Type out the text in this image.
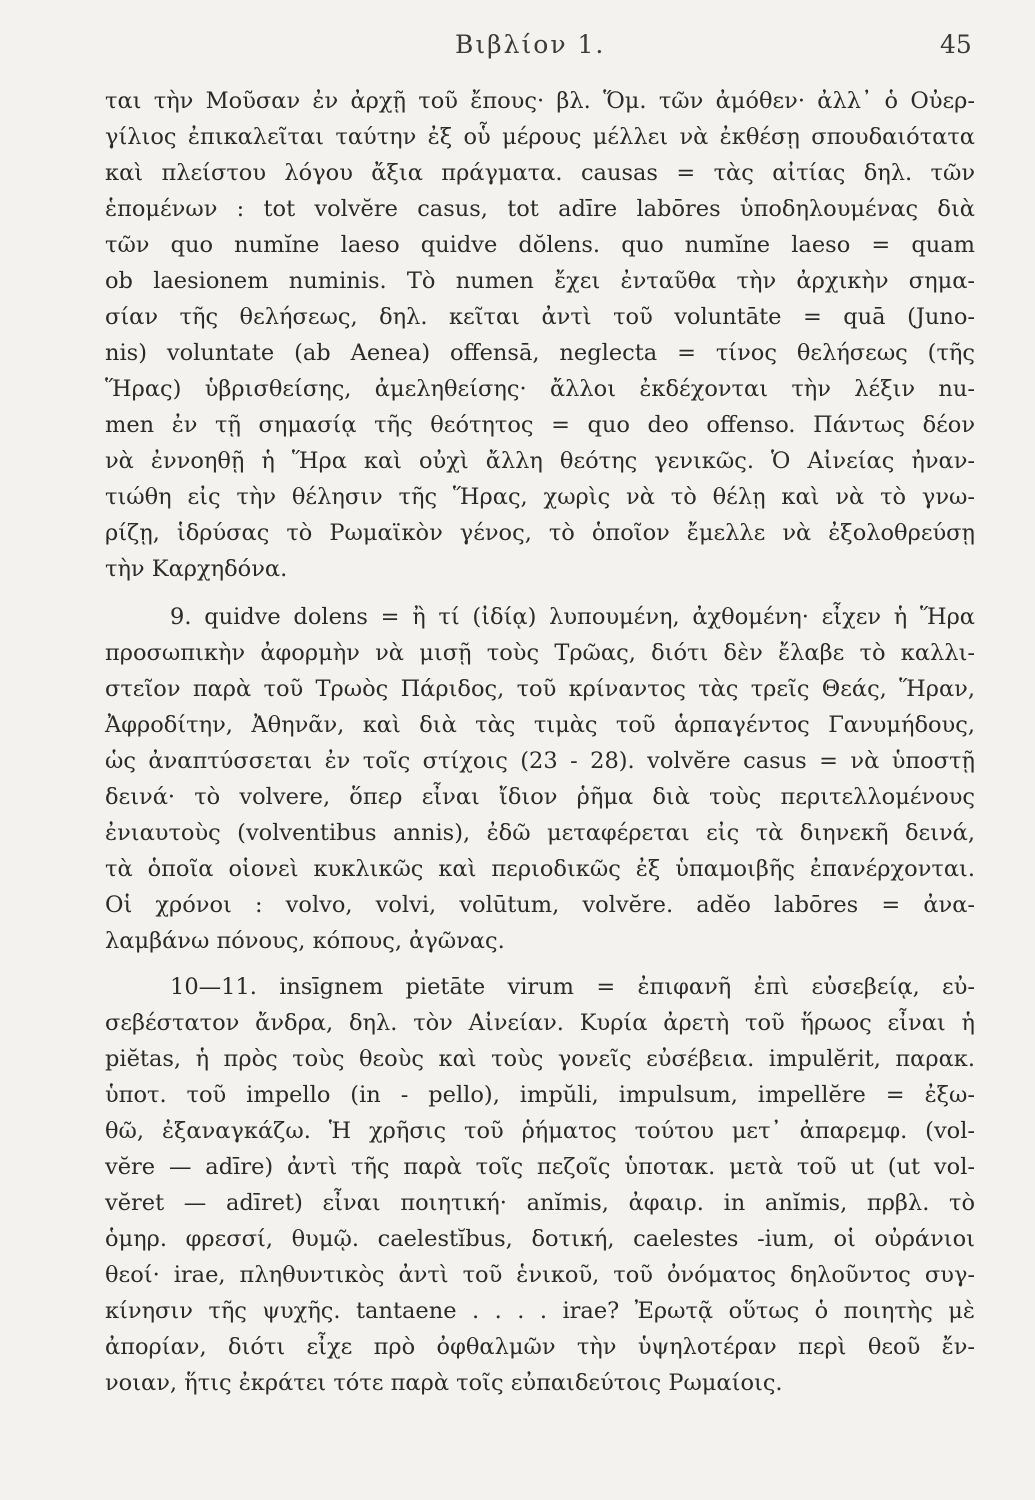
Βιβλίον 1.	45
ται τὴν Μοῦσαν ἐν ἀρχῇ τοῦ ἔπους· βλ. Ὅμ. τῶν ἀμόθεν· ἀλλ᾽ ὁ Οὐερ-
γίλιος ἐπικαλεῖται ταύτην ἐξ οὗ μέρους μέλλει νὰ ἐκθέσῃ σπουδαιότατα
καὶ πλείστου λόγου ἄξια πράγματα. causas = τὰς αἰτίας δηλ. τῶν
ἑπομένων : tot volvĕre casus, tot adīre labōres ὑποδηλουμένας διὰ
τῶν quo numĭne laeso quidve dŏlens. quo numĭne laeso = quam
ob laesionem numinis. Τὸ numen ἔχει ἐνταῦθα τὴν ἀρχικὴν σημα-
σίαν τῆς θελήσεως, δηλ. κεῖται ἀντὶ τοῦ voluntāte = quā (Juno-
nis) voluntate (ab Aenea) offensā, neglecta = τίνος θελήσεως (τῆς
Ἥρας) ὑβρισθείσης, ἀμεληθείσης· ἄλλοι ἐκδέχονται τὴν λέξιν nu-
men ἐν τῇ σημασίᾳ τῆς θεότητος = quo deo offenso. Πάντως δέον
νὰ ἐννοηθῇ ἡ Ἥρα καὶ οὐχὶ ἄλλη θεότης γενικῶς. Ὁ Αἰνείας ἠναν-
τιώθη εἰς τὴν θέλησιν τῆς Ἥρας, χωρὶς νὰ τὸ θέλῃ καὶ νὰ τὸ γνω-
ρίζῃ, ἱδρύσας τὸ Ρωμαϊκὸν γένος, τὸ ὁποῖον ἔμελλε νὰ ἐξολοθρεύσῃ
τὴν Καρχηδόνα.
9. quidve dolens = ἢ τί (ἰδίᾳ) λυπουμένη, ἀχθομένη· εἶχεν ἡ Ἥρα
προσωπικὴν ἀφορμὴν νὰ μισῇ τοὺς Τρῶας, διότι δὲν ἔλαβε τὸ καλλι-
στεῖον παρὰ τοῦ Τρωὸς Πάριδος, τοῦ κρίναντος τὰς τρεῖς Θεάς, Ἥραν,
Ἀφροδίτην, Ἀθηνᾶν, καὶ διὰ τὰς τιμὰς τοῦ ἁρπαγέντος Γανυμήδους,
ὡς ἀναπτύσσεται ἐν τοῖς στίχοις (23 - 28). volvĕre casus = νὰ ὑποστῇ
δεινά· τὸ volvere, ὅπερ εἶναι ἴδιον ῥῆμα διὰ τοὺς περιτελλομένους
ἐνιαυτοὺς (volventibus annis), ἐδῶ μεταφέρεται εἰς τὰ διηνεκῆ δεινά,
τὰ ὁποῖα οἱονεὶ κυκλικῶς καὶ περιοδικῶς ἐξ ὑπαμοιβῆς ἐπανέρχονται.
Οἱ χρόνοι : volvo, volvi, volūtum, volvĕre. adĕo labōres = ἀνα-
λαμβάνω πόνους, κόπους, ἀγῶνας.
10—11. insīgnem pietāte virum = ἐπιφανῆ ἐπὶ εὐσεβείᾳ, εὐ-
σεβέστατον ἄνδρα, δηλ. τὸν Αἰνείαν. Κυρία ἀρετὴ τοῦ ἥρωος εἶναι ἡ
piĕtas, ἡ πρὸς τοὺς θεοὺς καὶ τοὺς γονεῖς εὐσέβεια. impulĕrit, παρακ.
ὑποτ. τοῦ impello (in - pello), impŭli, impulsum, impellĕre = ἐξω-
θῶ, ἐξαναγκάζω. Ἡ χρῆσις τοῦ ῥήματος τούτου μετ᾽ ἀπαρεμφ. (vol-
vĕre — adīre) ἀντὶ τῆς παρὰ τοῖς πεζοῖς ὑποτακ. μετὰ τοῦ ut (ut vol-
vĕret — adīret) εἶναι ποιητική· anĭmis, ἀφαιρ. in anĭmis, πρβλ. τὸ
ὁμηρ. φρεσσί, θυμῷ. caelestĭbus, δοτική, caelestes -ium, οἱ οὐράνιοι
θεοί· irae, πληθυντικὸς ἀντὶ τοῦ ἑνικοῦ, τοῦ ὀνόματος δηλοῦντος συγ-
κίνησιν τῆς ψυχῆς. tantaene . . . . irae? Ἐρωτᾷ οὕτως ὁ ποιητὴς μὲ
ἀπορίαν, διότι εἶχε πρὸ ὀφθαλμῶν τὴν ὑψηλοτέραν περὶ θεοῦ ἔν-
νοιαν, ἥτις ἐκράτει τότε παρὰ τοῖς εὐπαιδεύτοις Ρωμαίοις.
